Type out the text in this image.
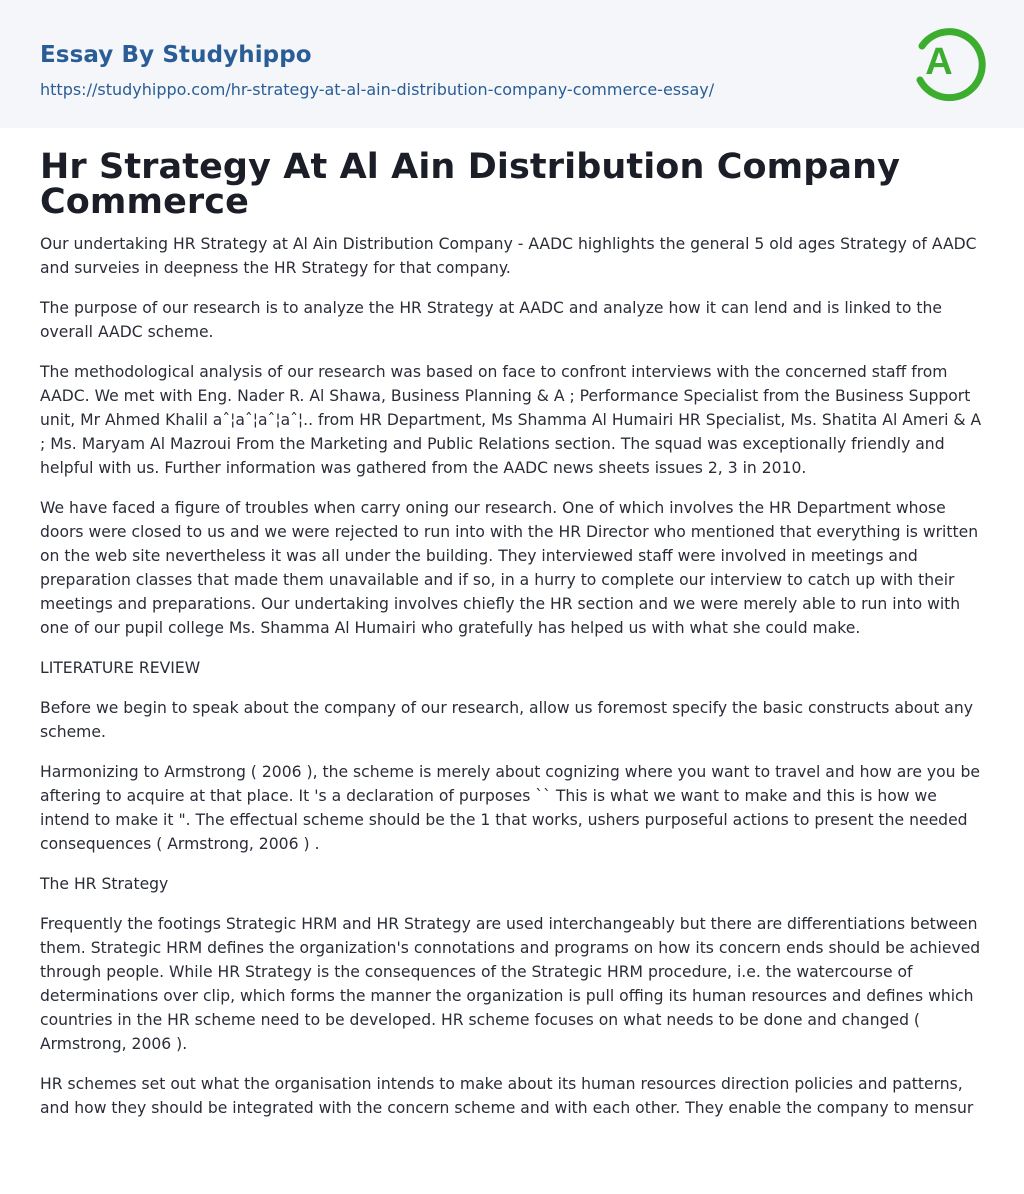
Essay By Studyhippo
https://studyhippo.com/hr-strategy-at-al-ain-distribution-company-commerce-essay/
A
Hr Strategy At Al Ain Distribution Company Commerce

Our undertaking HR Strategy at Al Ain Distribution Company - AADC highlights the general 5 old ages Strategy of AADC and surveies in deepness the HR Strategy for that company.

The purpose of our research is to analyze the HR Strategy at AADC and analyze how it can lend and is linked to the overall AADC scheme.

The methodological analysis of our research was based on face to confront interviews with the concerned staff from AADC. We met with Eng. Nader R. Al Shawa, Business Planning & A ; Performance Specialist from the Business Support unit, Mr Ahmed Khalil aˆ¦aˆ¦aˆ¦aˆ¦.. from HR Department, Ms Shamma Al Humairi HR Specialist, Ms. Shatita Al Ameri & A ; Ms. Maryam Al Mazroui From the Marketing and Public Relations section. The squad was exceptionally friendly and helpful with us. Further information was gathered from the AADC news sheets issues 2, 3 in 2010.

We have faced a figure of troubles when carry oning our research. One of which involves the HR Department whose doors were closed to us and we were rejected to run into with the HR Director who mentioned that everything is written on the web site nevertheless it was all under the building. They interviewed staff were involved in meetings and preparation classes that made them unavailable and if so, in a hurry to complete our interview to catch up with their meetings and preparations. Our undertaking involves chiefly the HR section and we were merely able to run into with one of our pupil college Ms. Shamma Al Humairi who gratefully has helped us with what she could make.

LITERATURE REVIEW

Before we begin to speak about the company of our research, allow us foremost specify the basic constructs about any scheme.

Harmonizing to Armstrong ( 2006 ), the scheme is merely about cognizing where you want to travel and how are you be aftering to acquire at that place. It 's a declaration of purposes `` This is what we want to make and this is how we intend to make it ". The effectual scheme should be the 1 that works, ushers purposeful actions to present the needed consequences ( Armstrong, 2006 ) .

The HR Strategy

Frequently the footings Strategic HRM and HR Strategy are used interchangeably but there are differentiations between them. Strategic HRM defines the organization's connotations and programs on how its concern ends should be achieved through people. While HR Strategy is the consequences of the Strategic HRM procedure, i.e. the watercourse of determinations over clip, which forms the manner the organization is pull offing its human resources and defines which countries in the HR scheme need to be developed. HR scheme focuses on what needs to be done and changed ( Armstrong, 2006 ).

HR schemes set out what the organisation intends to make about its human resources direction policies and patterns, and how they should be integrated with the concern scheme and with each other. They enable the company to mensur
